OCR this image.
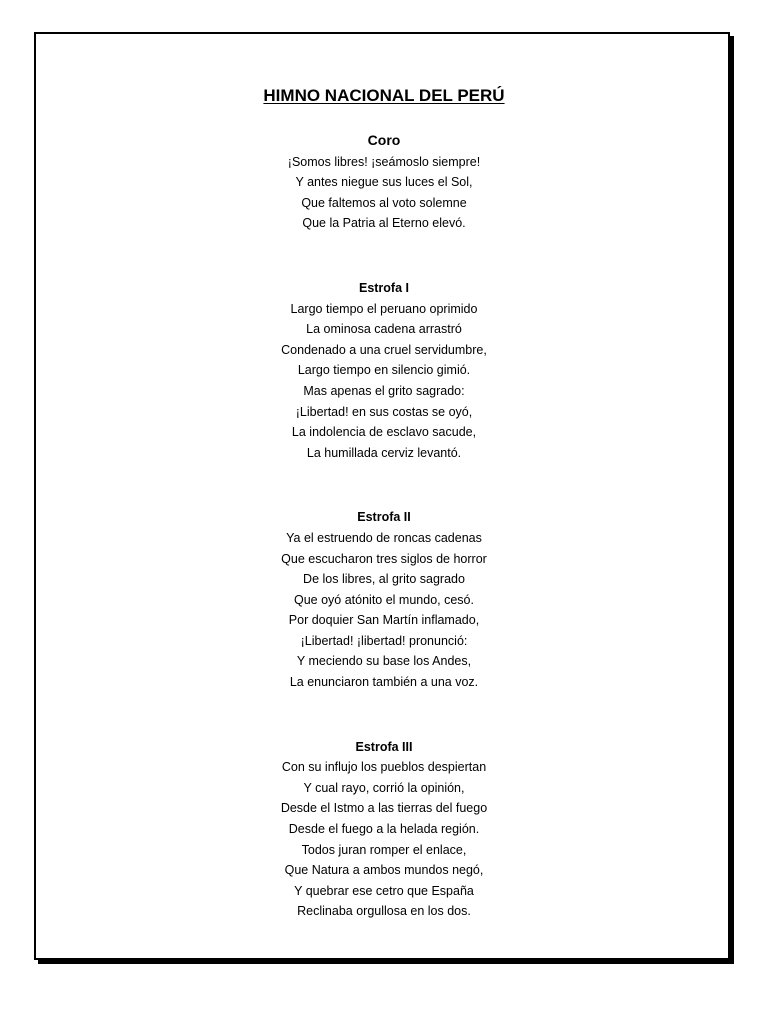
HIMNO NACIONAL DEL PERÚ
Coro
¡Somos libres! ¡seámoslo siempre!
Y antes niegue sus luces el Sol,
Que faltemos al voto solemne
Que la Patria al Eterno elevó.
Estrofa I
Largo tiempo el peruano oprimido
La ominosa cadena arrastró
Condenado a una cruel servidumbre,
Largo tiempo en silencio gimió.
Mas apenas el grito sagrado:
¡Libertad! en sus costas se oyó,
La indolencia de esclavo sacude,
La humillada cerviz levantó.
Estrofa II
Ya el estruendo de roncas cadenas
Que escucharon tres siglos de horror
De los libres, al grito sagrado
Que oyó atónito el mundo, cesó.
Por doquier San Martín inflamado,
¡Libertad! ¡libertad! pronunció:
Y meciendo su base los Andes,
La enunciaron también a una voz.
Estrofa III
Con su influjo los pueblos despiertan
Y cual rayo, corrió la opinión,
Desde el Istmo a las tierras del fuego
Desde el fuego a la helada región.
Todos juran romper el enlace,
Que Natura a ambos mundos negó,
Y quebrar ese cetro que España
Reclinaba orgullosa en los dos.
